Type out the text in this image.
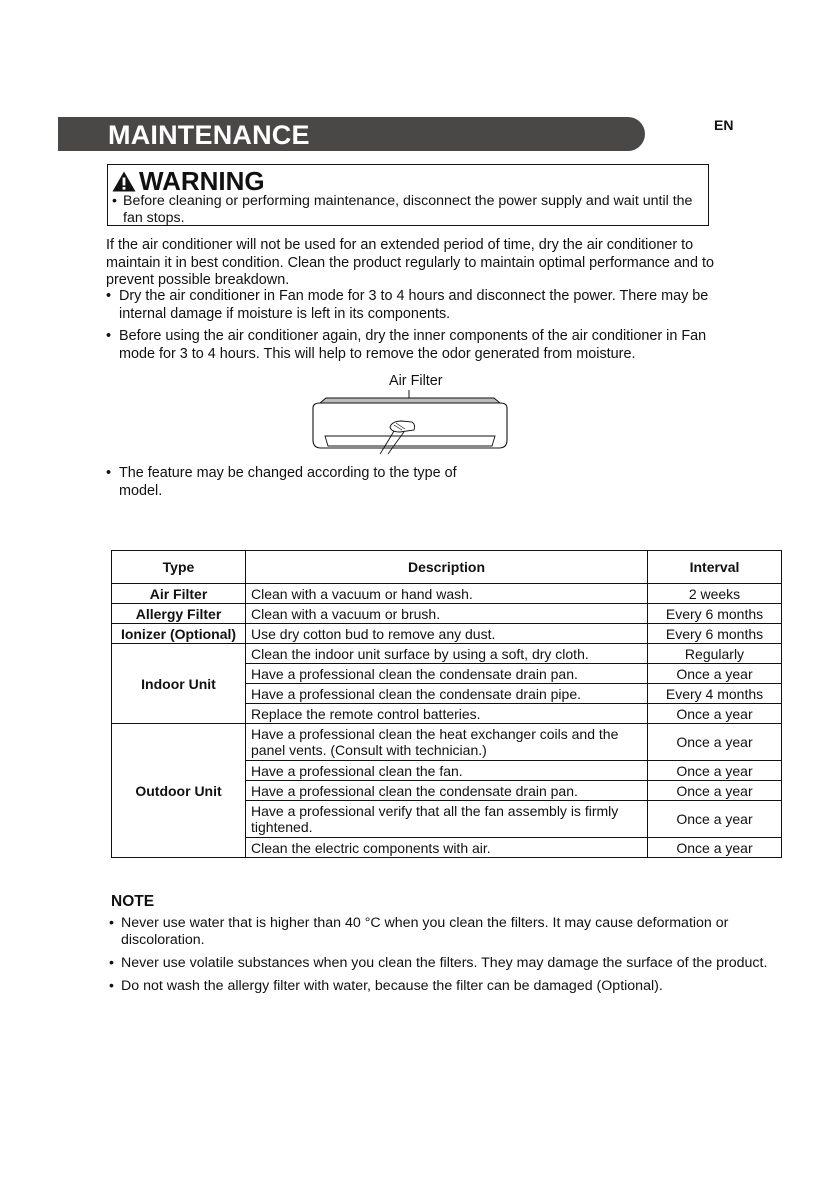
MAINTENANCE	EN
WARNING
• Before cleaning or performing maintenance, disconnect the power supply and wait until the fan stops.
If the air conditioner will not be used for an extended period of time, dry the air conditioner to maintain it in best condition. Clean the product regularly to maintain optimal performance and to prevent possible breakdown.
• Dry the air conditioner in Fan mode for 3 to 4 hours and disconnect the power. There may be internal damage if moisture is left in its components.
• Before using the air conditioner again, dry the inner components of the air conditioner in Fan mode for 3 to 4 hours. This will help to remove the odor generated from moisture.
Air Filter
• The feature may be changed according to the type of model.
Type	Description	Interval
Air Filter	Clean with a vacuum or hand wash.	2 weeks
Allergy Filter	Clean with a vacuum or brush.	Every 6 months
Ionizer (Optional)	Use dry cotton bud to remove any dust.	Every 6 months
Indoor Unit	Clean the indoor unit surface by using a soft, dry cloth.	Regularly
	Have a professional clean the condensate drain pan.	Once a year
	Have a professional clean the condensate drain pipe.	Every 4 months
	Replace the remote control batteries.	Once a year
Outdoor Unit	Have a professional clean the heat exchanger coils and the panel vents. (Consult with technician.)	Once a year
	Have a professional clean the fan.	Once a year
	Have a professional clean the condensate drain pan.	Once a year
	Have a professional verify that all the fan assembly is firmly tightened.	Once a year
	Clean the electric components with air.	Once a year
NOTE
• Never use water that is higher than 40 °C when you clean the filters. It may cause deformation or discoloration.
• Never use volatile substances when you clean the filters. They may damage the surface of the product.
• Do not wash the allergy filter with water, because the filter can be damaged (Optional).
